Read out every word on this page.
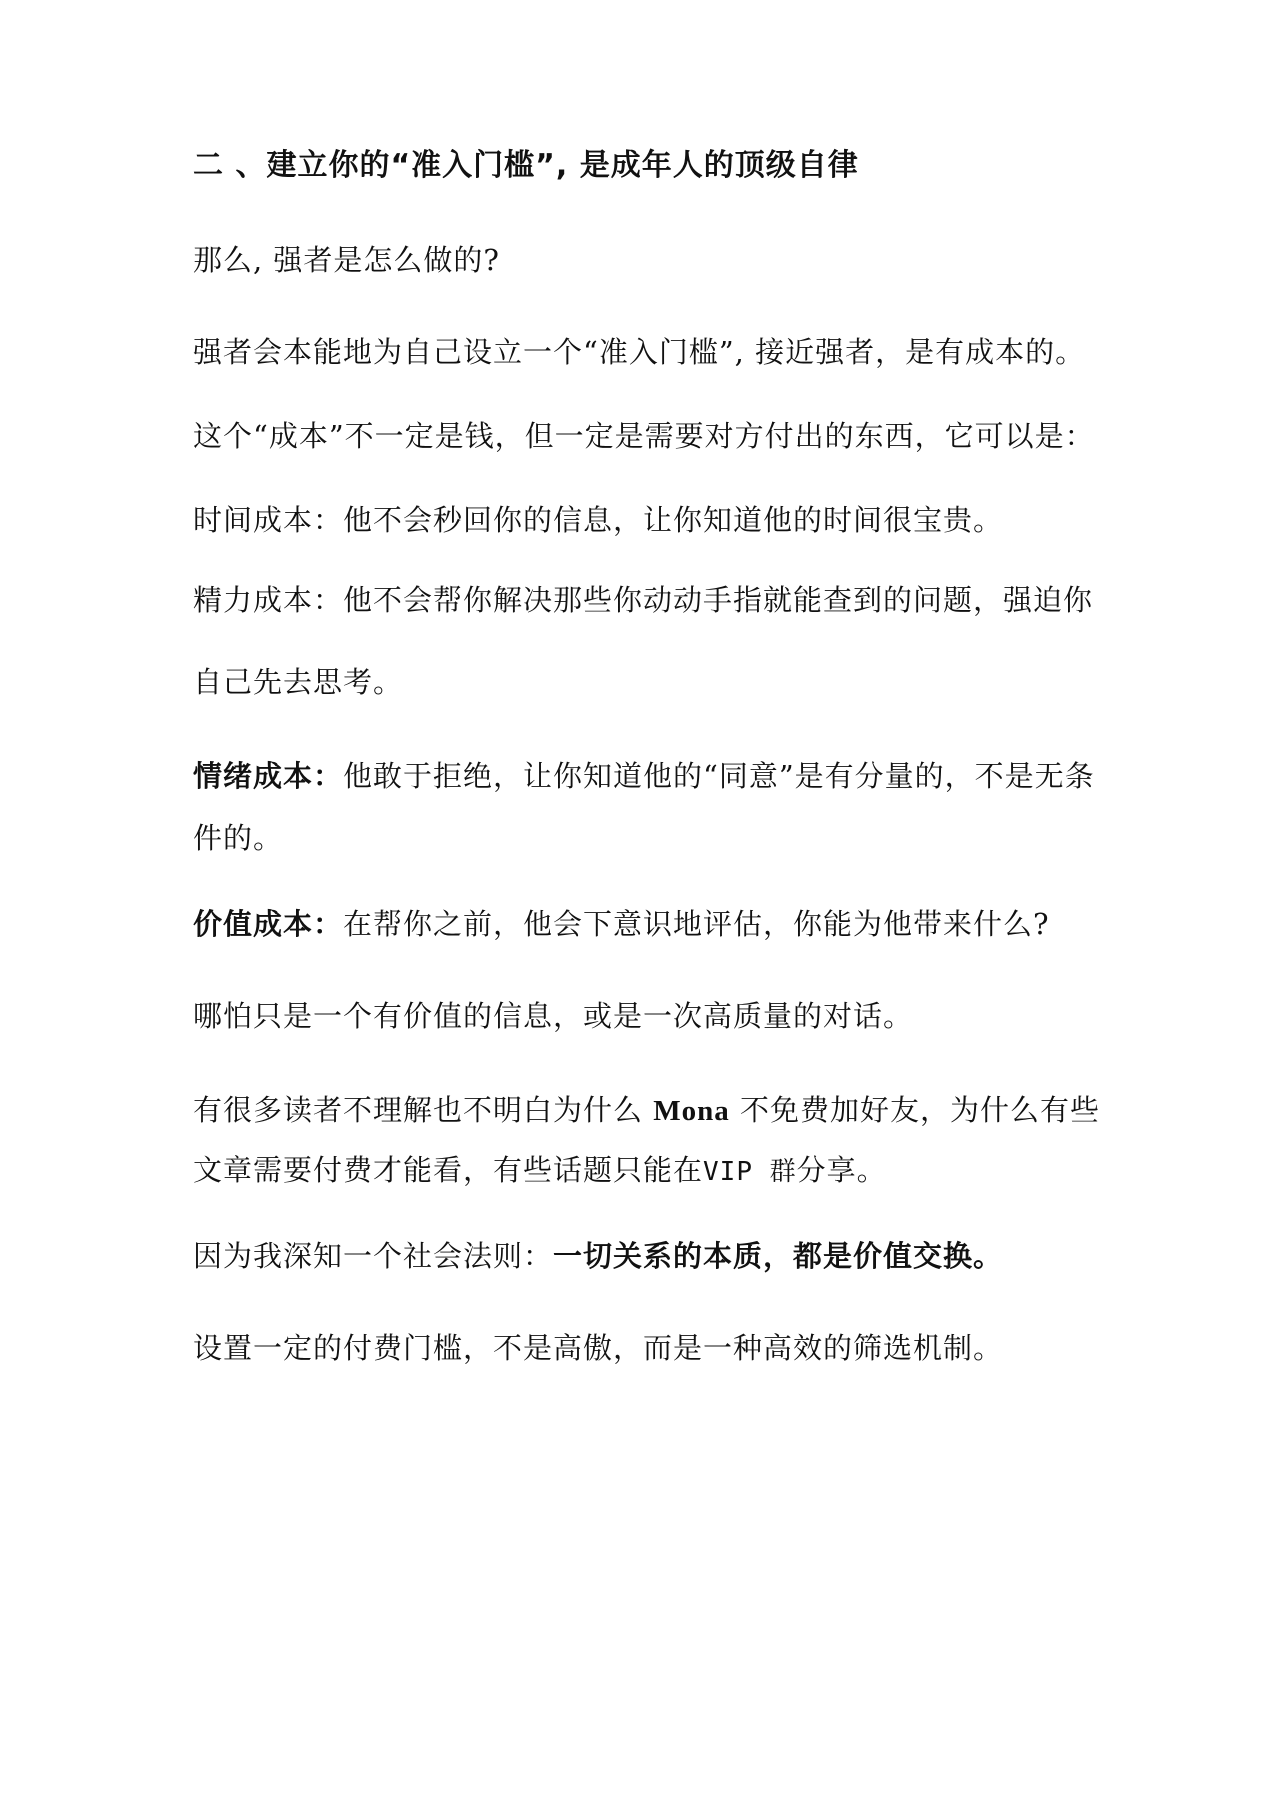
二 、建立你的“准入门槛”, 是成年人的顶级自律
那么, 强者是怎么做的?
强者会本能地为自己设立一个“准入门槛”, 接近强者，是有成本的。
这个“成本”不一定是钱，但一定是需要对方付出的东西，它可以是：
时间成本：他不会秒回你的信息，让你知道他的时间很宝贵。
精力成本：他不会帮你解决那些你动动手指就能查到的问题，强迫你
自己先去思考。
情绪成本：他敢于拒绝，让你知道他的“同意”是有分量的，不是无条
件的。
价值成本：在帮你之前，他会下意识地评估，你能为他带来什么?
哪怕只是一个有价值的信息，或是一次高质量的对话。
有很多读者不理解也不明白为什么 Mona 不免费加好友，为什么有些
文章需要付费才能看，有些话题只能在VIP 群分享。
因为我深知一个社会法则：一切关系的本质，都是价值交换。
设置一定的付费门槛，不是高傲，而是一种高效的筛选机制。
